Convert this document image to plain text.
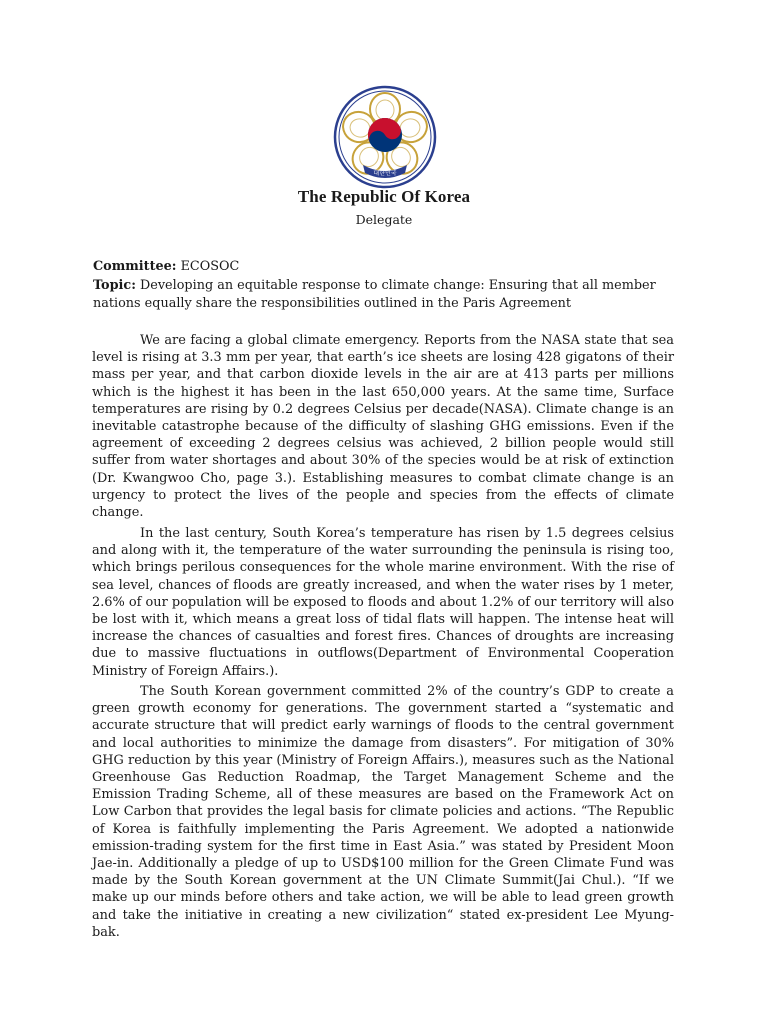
대한민국
The Republic Of Korea
Delegate
Committee: ECOSOC
Topic: Developing an equitable response to climate change: Ensuring that all member nations equally share the responsibilities outlined in the Paris Agreement

We are facing a global climate emergency. Reports from the NASA state that sea level is rising at 3.3 mm per year, that earth’s ice sheets are losing 428 gigatons of their mass per year, and that carbon dioxide levels in the air are at 413 parts per millions which is the highest it has been in the last 650,000 years. At the same time, Surface temperatures are rising by 0.2 degrees Celsius per decade(NASA). Climate change is an inevitable catastrophe because of the difficulty of slashing GHG emissions. Even if the agreement of exceeding 2 degrees celsius was achieved, 2 billion people would still suffer from water shortages and about 30% of the species would be at risk of extinction (Dr. Kwangwoo Cho, page 3.). Establishing measures to combat climate change is an urgency to protect the lives of the people and species from the effects of climate change.

In the last century, South Korea’s temperature has risen by 1.5 degrees celsius and along with it, the temperature of the water surrounding the peninsula is rising too, which brings perilous consequences for the whole marine environment. With the rise of sea level, chances of floods are greatly increased, and when the water rises by 1 meter, 2.6% of our population will be exposed to floods and about 1.2% of our territory will also be lost with it, which means a great loss of tidal flats will happen. The intense heat will increase the chances of casualties and forest fires. Chances of droughts are increasing due to massive fluctuations in outflows(Department of Environmental Cooperation Ministry of Foreign Affairs.).

The South Korean government committed 2% of the country’s GDP to create a green growth economy for generations. The government started a “systematic and accurate structure that will predict early warnings of floods to the central government and local authorities to minimize the damage from disasters”. For mitigation of 30% GHG reduction by this year (Ministry of Foreign Affairs.), measures such as the National Greenhouse Gas Reduction Roadmap, the Target Management Scheme and the Emission Trading Scheme, all of these measures are based on the Framework Act on Low Carbon that provides the legal basis for climate policies and actions. “The Republic of Korea is faithfully implementing the Paris Agreement. We adopted a nationwide emission-trading system for the first time in East Asia.” was stated by President Moon Jae-in. Additionally a pledge of up to USD$100 million for the Green Climate Fund was made by the South Korean government at the UN Climate Summit(Jai Chul.). “If we make up our minds before others and take action, we will be able to lead green growth and take the initiative in creating a new civilization“ stated ex-president Lee Myung-bak.
